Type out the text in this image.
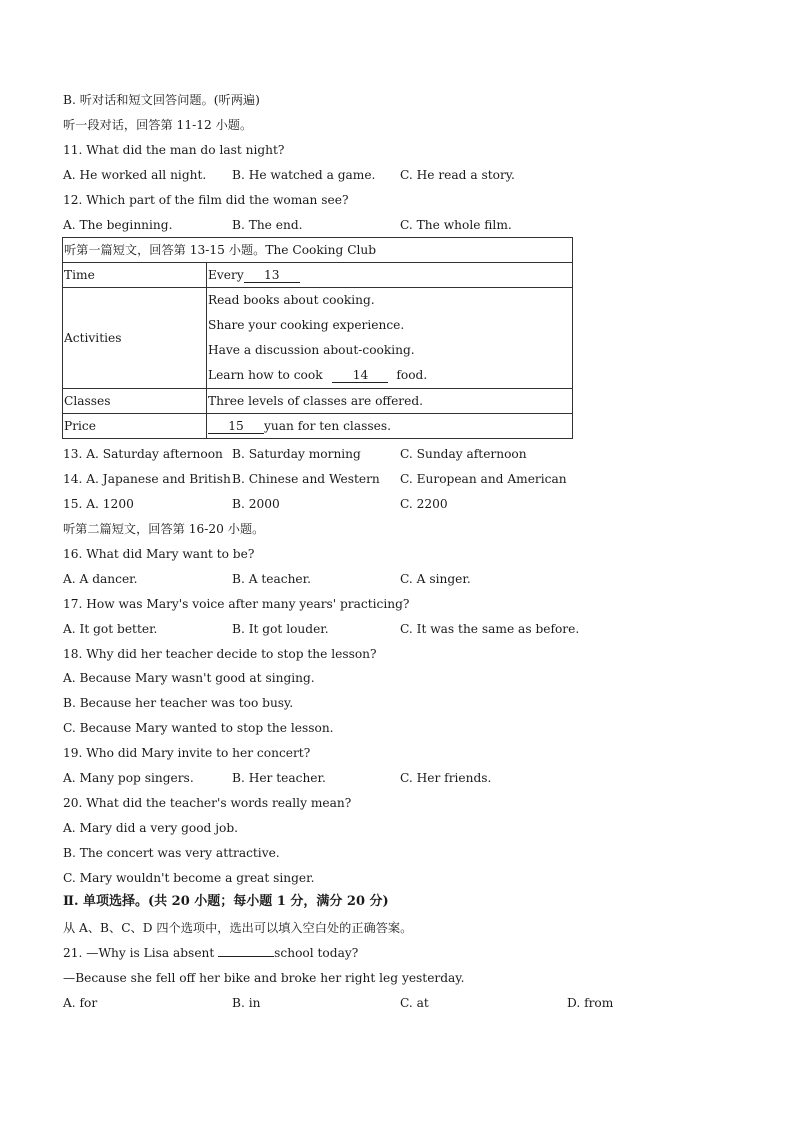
B. 听对话和短文回答问题。(听两遍)
听一段对话，回答第 11-12 小题。
11. What did the man do last night?
A. He worked all night. B. He watched a game. C. He read a story.
12. Which part of the film did the woman see?
A. The beginning.	B. The end.	C. The whole film.
听第一篇短文，回答第 13-15 小题。The Cooking Club	
Time	Every 13
Activities	Read books about cooking.
Share your cooking experience.
Have a discussion about-cooking.
Learn how to cook 14 food.

Classes	Three levels of classes are offered.
Price	15 yuan for ten classes.
13. A. Saturday afternoon B. Saturday morning	C. Sunday afternoon
14. A. Japanese and British B. Chinese and Western C. European and American
15. A. 1200	B. 2000	C. 2200
听第二篇短文，回答第 16-20 小题。
16. What did Mary want to be?
A. A dancer.	B. A teacher.	C. A singer.
17. How was Mary's voice after many years' practicing?
A. It got better.	B. It got louder.	C. It was the same as before.
18. Why did her teacher decide to stop the lesson?
A. Because Mary wasn't good at singing.
B. Because her teacher was too busy.
C. Because Mary wanted to stop the lesson.
19. Who did Mary invite to her concert?
A. Many pop singers.	B. Her teacher.	C. Her friends.
20. What did the teacher's words really mean?
A. Mary did a very good job.
B. The concert was very attractive.
C. Mary wouldn't become a great singer.
Ⅱ. 单项选择。(共 20 小题；每小题 1 分，满分 20 分)
从 A、B、C、D 四个选项中，选出可以填入空白处的正确答案。
21. —Why is Lisa absent	school today?
—Because she fell off her bike and broke her right leg yesterday.
A. for	B. in	C. at	D. from
